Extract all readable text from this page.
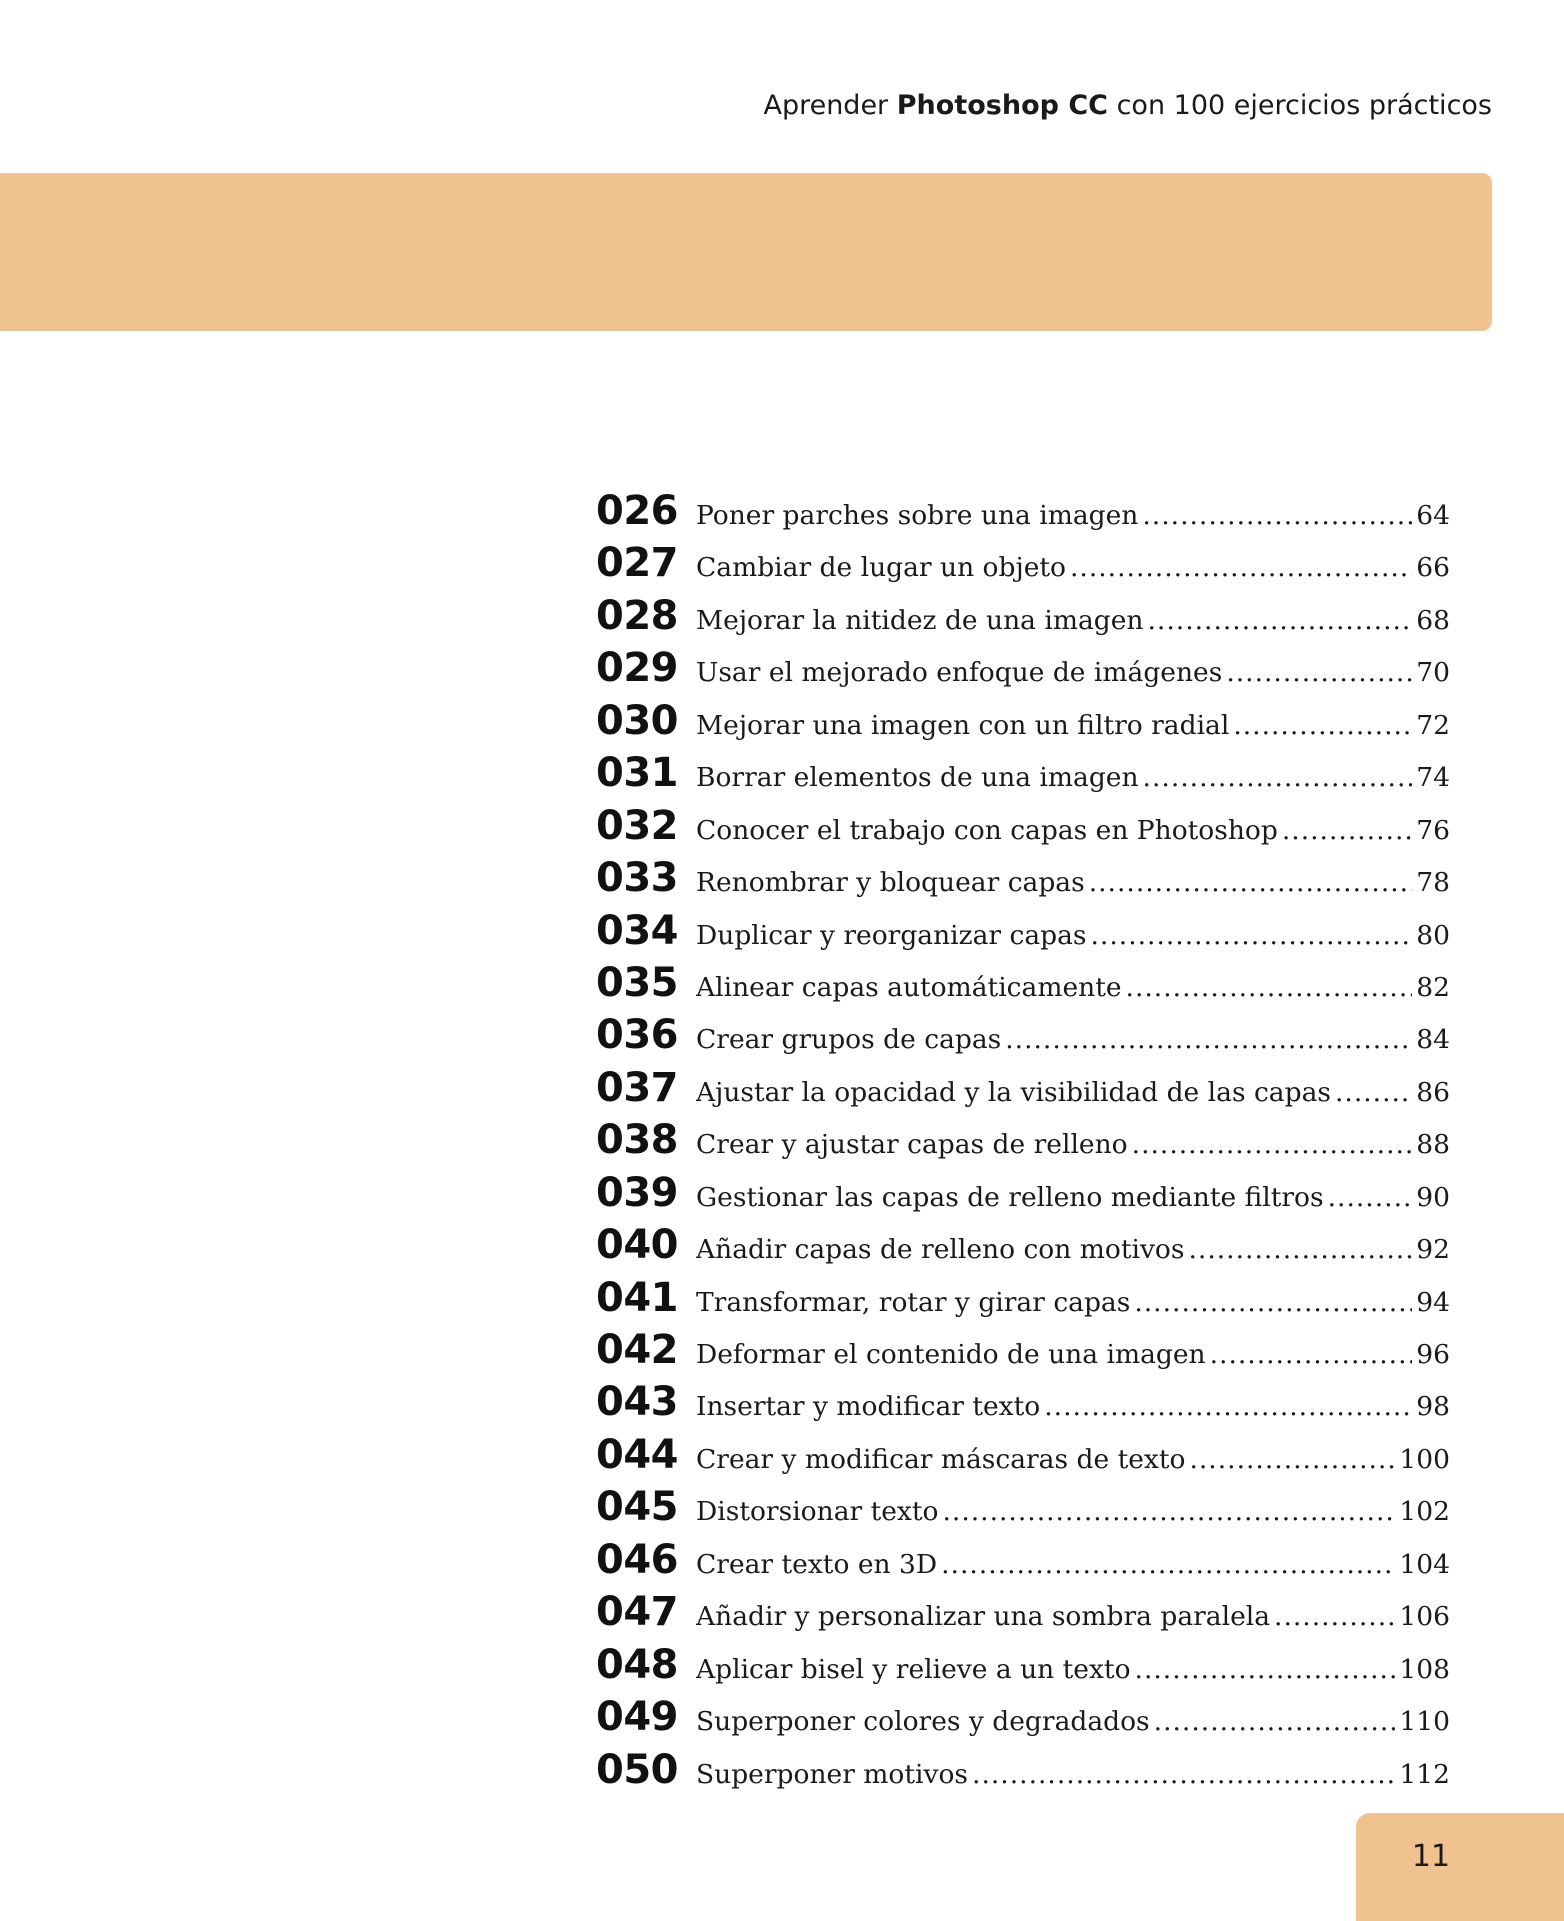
Aprender Photoshop CC con 100 ejercicios prácticos
026 Poner parches sobre una imagen .....	64
027 Cambiar de lugar un objeto .....	66
028 Mejorar la nitidez de una imagen .....	68
029 Usar el mejorado enfoque de imágenes .....	70
030 Mejorar una imagen con un filtro radial .....	72
031 Borrar elementos de una imagen .....	74
032 Conocer el trabajo con capas en Photoshop .....	76
033 Renombrar y bloquear capas .....	78
034 Duplicar y reorganizar capas .....	80
035 Alinear capas automáticamente .....	82
036 Crear grupos de capas .....	84
037 Ajustar la opacidad y la visibilidad de las capas .....	86
038 Crear y ajustar capas de relleno .....	88
039 Gestionar las capas de relleno mediante filtros .....	90
040 Añadir capas de relleno con motivos .....	92
041 Transformar, rotar y girar capas .....	94
042 Deformar el contenido de una imagen .....	96
043 Insertar y modificar texto .....	98
044 Crear y modificar máscaras de texto .....	100
045 Distorsionar texto .....	102
046 Crear texto en 3D .....	104
047 Añadir y personalizar una sombra paralela .....	106
048 Aplicar bisel y relieve a un texto .....	108
049 Superponer colores y degradados .....	110
050 Superponer motivos .....	112
11
